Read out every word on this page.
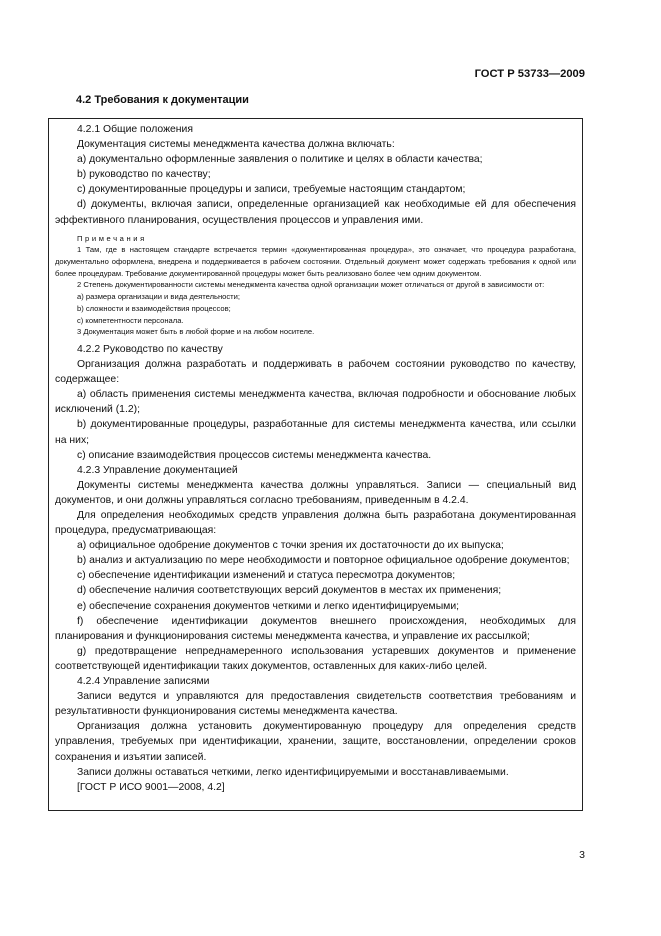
ГОСТ Р 53733—2009
4.2 Требования к документации

4.2.1 Общие положения

Документация системы менеджмента качества должна включать:

a) документально оформленные заявления о политике и целях в области качества;

b) руководство по качеству;

c) документированные процедуры и записи, требуемые настоящим стандартом;

d) документы, включая записи, определенные организацией как необходимые ей для обеспечения эффективного планирования, осуществления процессов и управления ими.

Примечания

1 Там, где в настоящем стандарте встречается термин «документированная процедура», это означает, что процедура разработана, документально оформлена, внедрена и поддерживается в рабочем состоянии. Отдельный документ может содержать требования к одной или более процедурам. Требование документированной процедуры может быть реализовано более чем одним документом.

2 Степень документированности системы менеджмента качества одной организации может отличаться от другой в зависимости от:

a) размера организации и вида деятельности;

b) сложности и взаимодействия процессов;

c) компетентности персонала.

3 Документация может быть в любой форме и на любом носителе.

4.2.2 Руководство по качеству

Организация должна разработать и поддерживать в рабочем состоянии руководство по качеству, содержащее:

a) область применения системы менеджмента качества, включая подробности и обоснование любых исключений (1.2);

b) документированные процедуры, разработанные для системы менеджмента качества, или ссылки на них;

c) описание взаимодействия процессов системы менеджмента качества.

4.2.3 Управление документацией

Документы системы менеджмента качества должны управляться. Записи — специальный вид документов, и они должны управляться согласно требованиям, приведенным в 4.2.4.

Для определения необходимых средств управления должна быть разработана документированная процедура, предусматривающая:

a) официальное одобрение документов с точки зрения их достаточности до их выпуска;

b) анализ и актуализацию по мере необходимости и повторное официальное одобрение документов;

c) обеспечение идентификации изменений и статуса пересмотра документов;

d) обеспечение наличия соответствующих версий документов в местах их применения;

e) обеспечение сохранения документов четкими и легко идентифицируемыми;

f) обеспечение идентификации документов внешнего происхождения, необходимых для планирования и функционирования системы менеджмента качества, и управление их рассылкой;

g) предотвращение непреднамеренного использования устаревших документов и применение соответствующей идентификации таких документов, оставленных для каких-либо целей.

4.2.4 Управление записями

Записи ведутся и управляются для предоставления свидетельств соответствия требованиям и результативности функционирования системы менеджмента качества.

Организация должна установить документированную процедуру для определения средств управления, требуемых при идентификации, хранении, защите, восстановлении, определении сроков сохранения и изъятии записей.

Записи должны оставаться четкими, легко идентифицируемыми и восстанавливаемыми.

[ГОСТ Р ИСО 9001—2008, 4.2]

3
